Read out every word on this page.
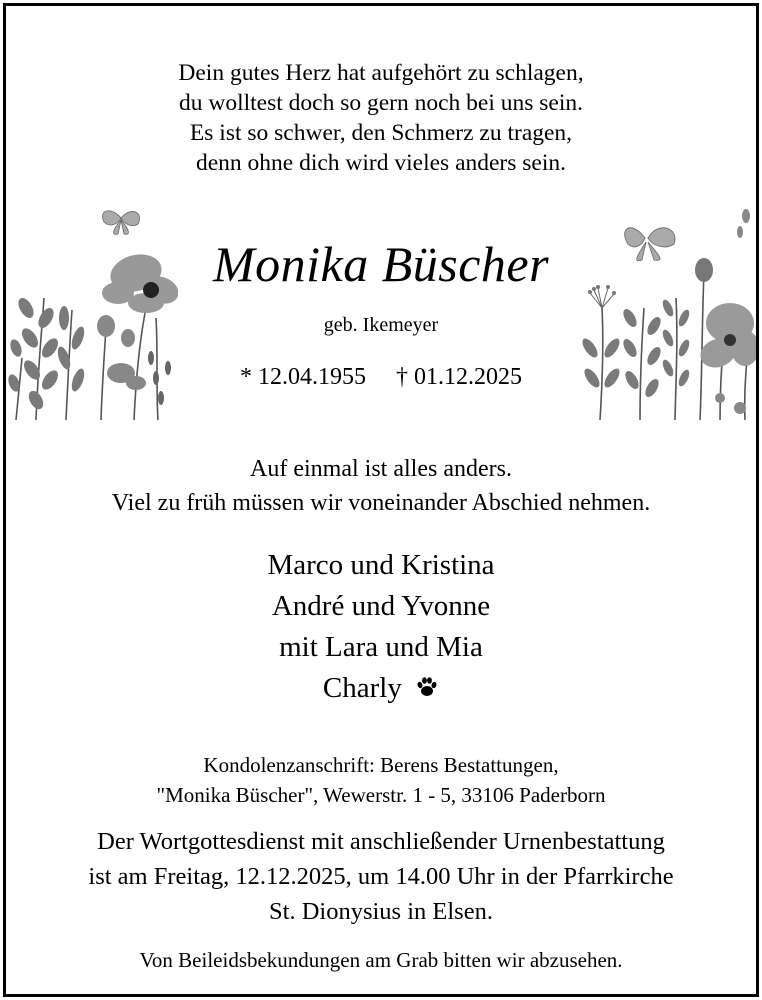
Dein gutes Herz hat aufgehört zu schlagen,
du wolltest doch so gern noch bei uns sein.
Es ist so schwer, den Schmerz zu tragen,
denn ohne dich wird vieles anders sein.
Monika Büscher
geb. Ikemeyer
* 12.04.1955 † 01.12.2025
Auf einmal ist alles anders.
Viel zu früh müssen wir voneinander Abschied nehmen.
Marco und Kristina
André und Yvonne
mit Lara und Mia
Charly
Kondolenzanschrift: Berens Bestattungen,
"Monika Büscher", Wewerstr. 1 - 5, 33106 Paderborn
Der Wortgottesdienst mit anschließender Urnenbestattung
ist am Freitag, 12.12.2025, um 14.00 Uhr in der Pfarrkirche
St. Dionysius in Elsen.
Von Beileidsbekundungen am Grab bitten wir abzusehen.
